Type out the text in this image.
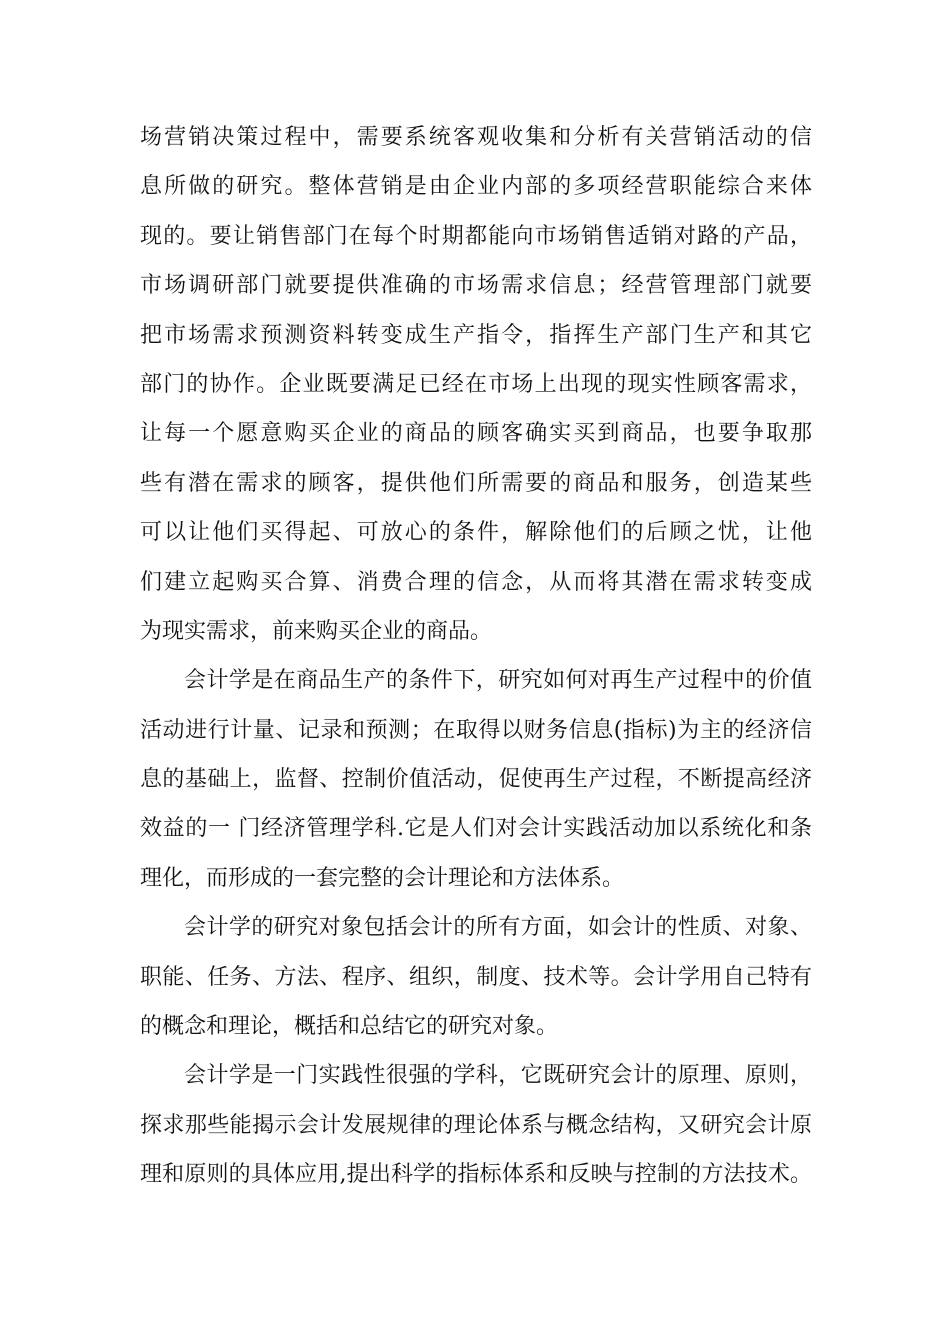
场营销决策过程中，需要系统客观收集和分析有关营销活动的信
息所做的研究。整体营销是由企业内部的多项经营职能综合来体
现的。要让销售部门在每个时期都能向市场销售适销对路的产品，
市场调研部门就要提供准确的市场需求信息；经营管理部门就要
把市场需求预测资料转变成生产指令，指挥生产部门生产和其它
部门的协作。企业既要满足已经在市场上出现的现实性顾客需求，
让每一个愿意购买企业的商品的顾客确实买到商品，也要争取那
些有潜在需求的顾客，提供他们所需要的商品和服务，创造某些
可以让他们买得起、可放心的条件，解除他们的后顾之忧，让他
们建立起购买合算、消费合理的信念，从而将其潜在需求转变成
为现实需求，前来购买企业的商品。
会计学是在商品生产的条件下，研究如何对再生产过程中的价值
活动进行计量、记录和预测；在取得以财务信息(指标)为主的经济信
息的基础上，监督、控制价值活动，促使再生产过程，不断提高经济
效益的一 门经济管理学科.它是人们对会计实践活动加以系统化和条
理化，而形成的一套完整的会计理论和方法体系。
会计学的研究对象包括会计的所有方面，如会计的性质、对象、
职能、任务、方法、程序、组织，制度、技术等。会计学用自己特有
的概念和理论，概括和总结它的研究对象。
会计学是一门实践性很强的学科，它既研究会计的原理、原则，
探求那些能揭示会计发展规律的理论体系与概念结构，又研究会计原
理和原则的具体应用,提出科学的指标体系和反映与控制的方法技术。
